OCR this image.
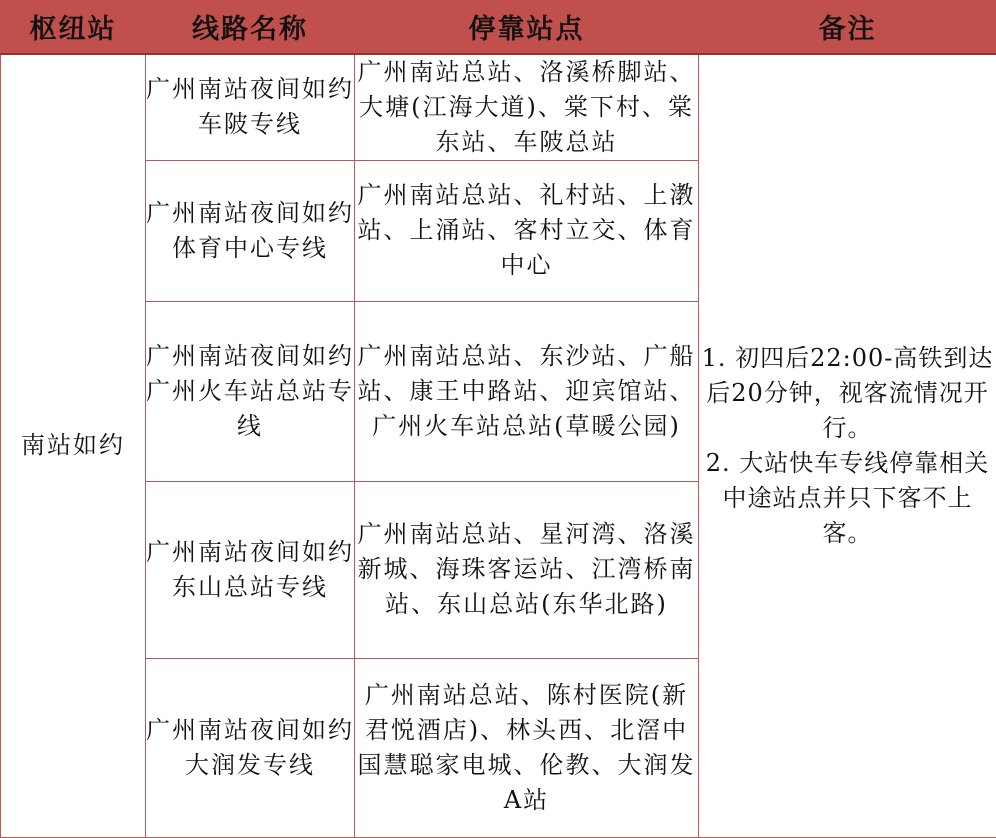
枢纽站	线路名称	停靠站点	备注
南站如约	广州南站夜间如约车陂专线	广州南站总站、洛溪桥脚站、大塘(江海大道)、棠下村、棠东站、车陂总站	1. 初四后22:00-高铁到达后20分钟，视客流情况开行。
2. 大站快车专线停靠相关中途站点并只下客不上客。

	广州南站夜间如约体育中心专线	广州南站总站、礼村站、上漖站、上涌站、客村立交、体育中心	
	广州南站夜间如约广州火车站总站专线	广州南站总站、东沙站、广船站、康王中路站、迎宾馆站、广州火车站总站(草暖公园)	
	广州南站夜间如约东山总站专线	广州南站总站、星河湾、洛溪新城、海珠客运站、江湾桥南站、东山总站(东华北路)	
	广州南站夜间如约大润发专线	广州南站总站、陈村医院(新君悦酒店)、林头西、北滘中国慧聪家电城、伦教、大润发A站	
